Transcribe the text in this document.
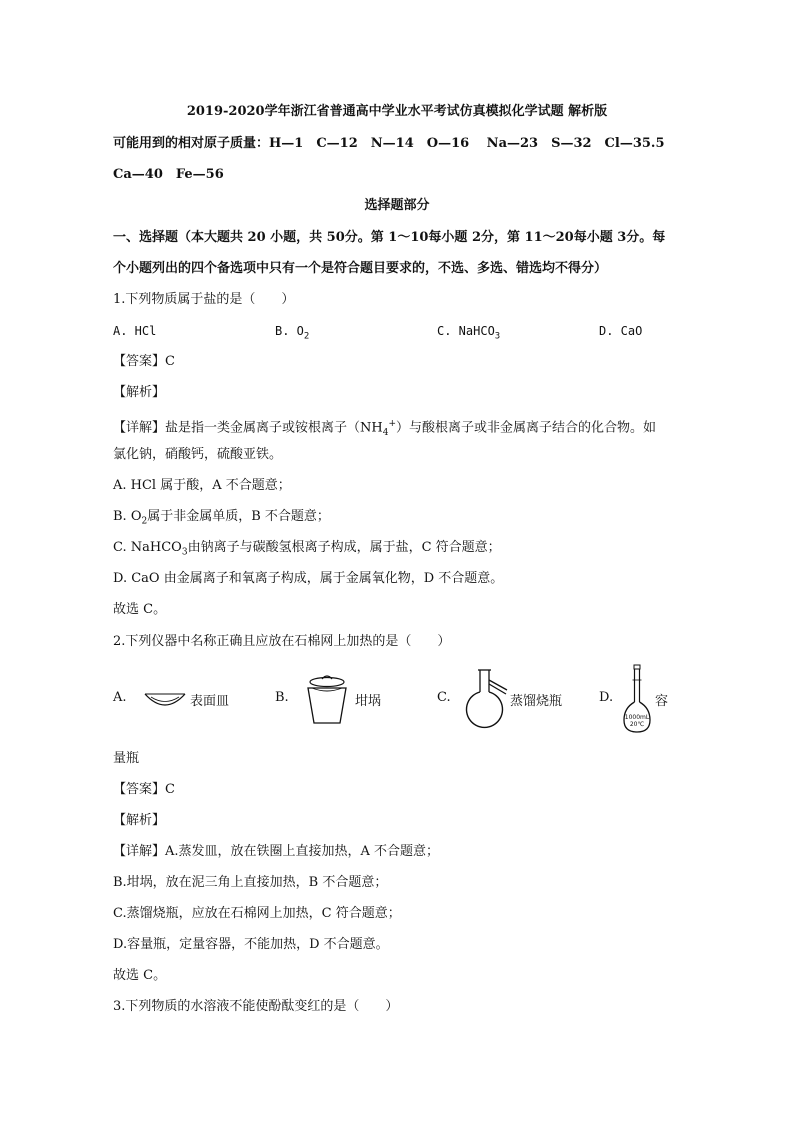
2019-2020学年浙江省普通高中学业水平考试仿真模拟化学试题 解析版
可能用到的相对原子质量：H—1　C—12　N—14　O—16　 Na—23　S—32　Cl—35.5
Ca—40　Fe—56
选择题部分
一、选择题（本大题共 20 小题，共 50分。第 1～10每小题 2分，第 11～20每小题 3分。每
个小题列出的四个备选项中只有一个是符合题目要求的，不选、多选、错选均不得分）
1.下列物质属于盐的是（　　）
A. HCl	B. $O_2$	C. NaHCO$_3$	D. CaO
【答案】C
【解析】
【详解】盐是指一类金属离子或铵根离子$(NH_4^+)$与酸根离子或非金属离子结合的化合物。如
氯化钠，硝酸钙，硫酸亚铁。
A. HCl 属于酸，A 不合题意；
B. $O_2$属于非金属单质，B 不合题意；
C. NaHCO$_3$由钠离子与碳酸氢根离子构成，属于盐，C 符合题意；
D. CaO 由金属离子和氧离子构成，属于金属氧化物，D 不合题意。
故选 C。
2.下列仪器中名称正确且应放在石棉网上加热的是（　　）
A.	表面皿	B.	坩埚	C.	蒸馏烧瓶	D.
1000mL
20℃
容
量瓶
【答案】C
【解析】
【详解】A.蒸发皿，放在铁圈上直接加热，A 不合题意；
B.坩埚，放在泥三角上直接加热，B 不合题意；
C.蒸馏烧瓶，应放在石棉网上加热，C 符合题意；
D.容量瓶，定量容器，不能加热，D 不合题意。
故选 C。
3.下列物质的水溶液不能使酚酞变红的是（　　）
